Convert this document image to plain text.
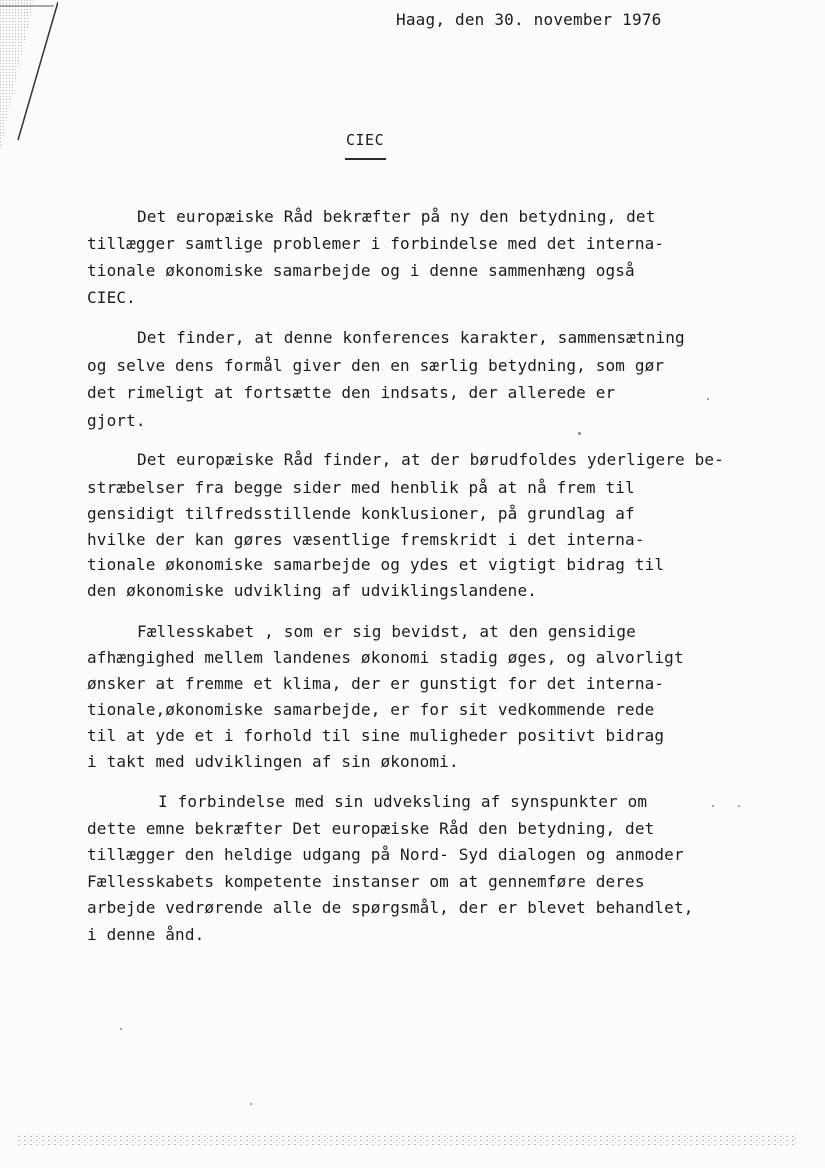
Haag, den 30. november 1976
CIEC
Det europæiske Råd bekræfter på ny den betydning, det
tillægger samtlige problemer i forbindelse med det interna-
tionale økonomiske samarbejde og i denne sammenhæng også
CIEC.
Det finder, at denne konferences karakter, sammensætning
og selve dens formål giver den en særlig betydning, som gør
det rimeligt at fortsætte den indsats, der allerede er
gjort.
Det europæiske Råd finder, at der børudfoldes yderligere be-
stræbelser fra begge sider med henblik på at nå frem til
gensidigt tilfredsstillende konklusioner, på grundlag af
hvilke der kan gøres væsentlige fremskridt i det interna-
tionale økonomiske samarbejde og ydes et vigtigt bidrag til
den økonomiske udvikling af udviklingslandene.
Fællesskabet , som er sig bevidst, at den gensidige
afhængighed mellem landenes økonomi stadig øges, og alvorligt
ønsker at fremme et klima, der er gunstigt for det interna-
tionale,økonomiske samarbejde, er for sit vedkommende rede
til at yde et i forhold til sine muligheder positivt bidrag
i takt med udviklingen af sin økonomi.
I forbindelse med sin udveksling af synspunkter om
dette emne bekræfter Det europæiske Råd den betydning, det
tillægger den heldige udgang på Nord- Syd dialogen og anmoder
Fællesskabets kompetente instanser om at gennemføre deres
arbejde vedrørende alle de spørgsmål, der er blevet behandlet,
i denne ånd.
